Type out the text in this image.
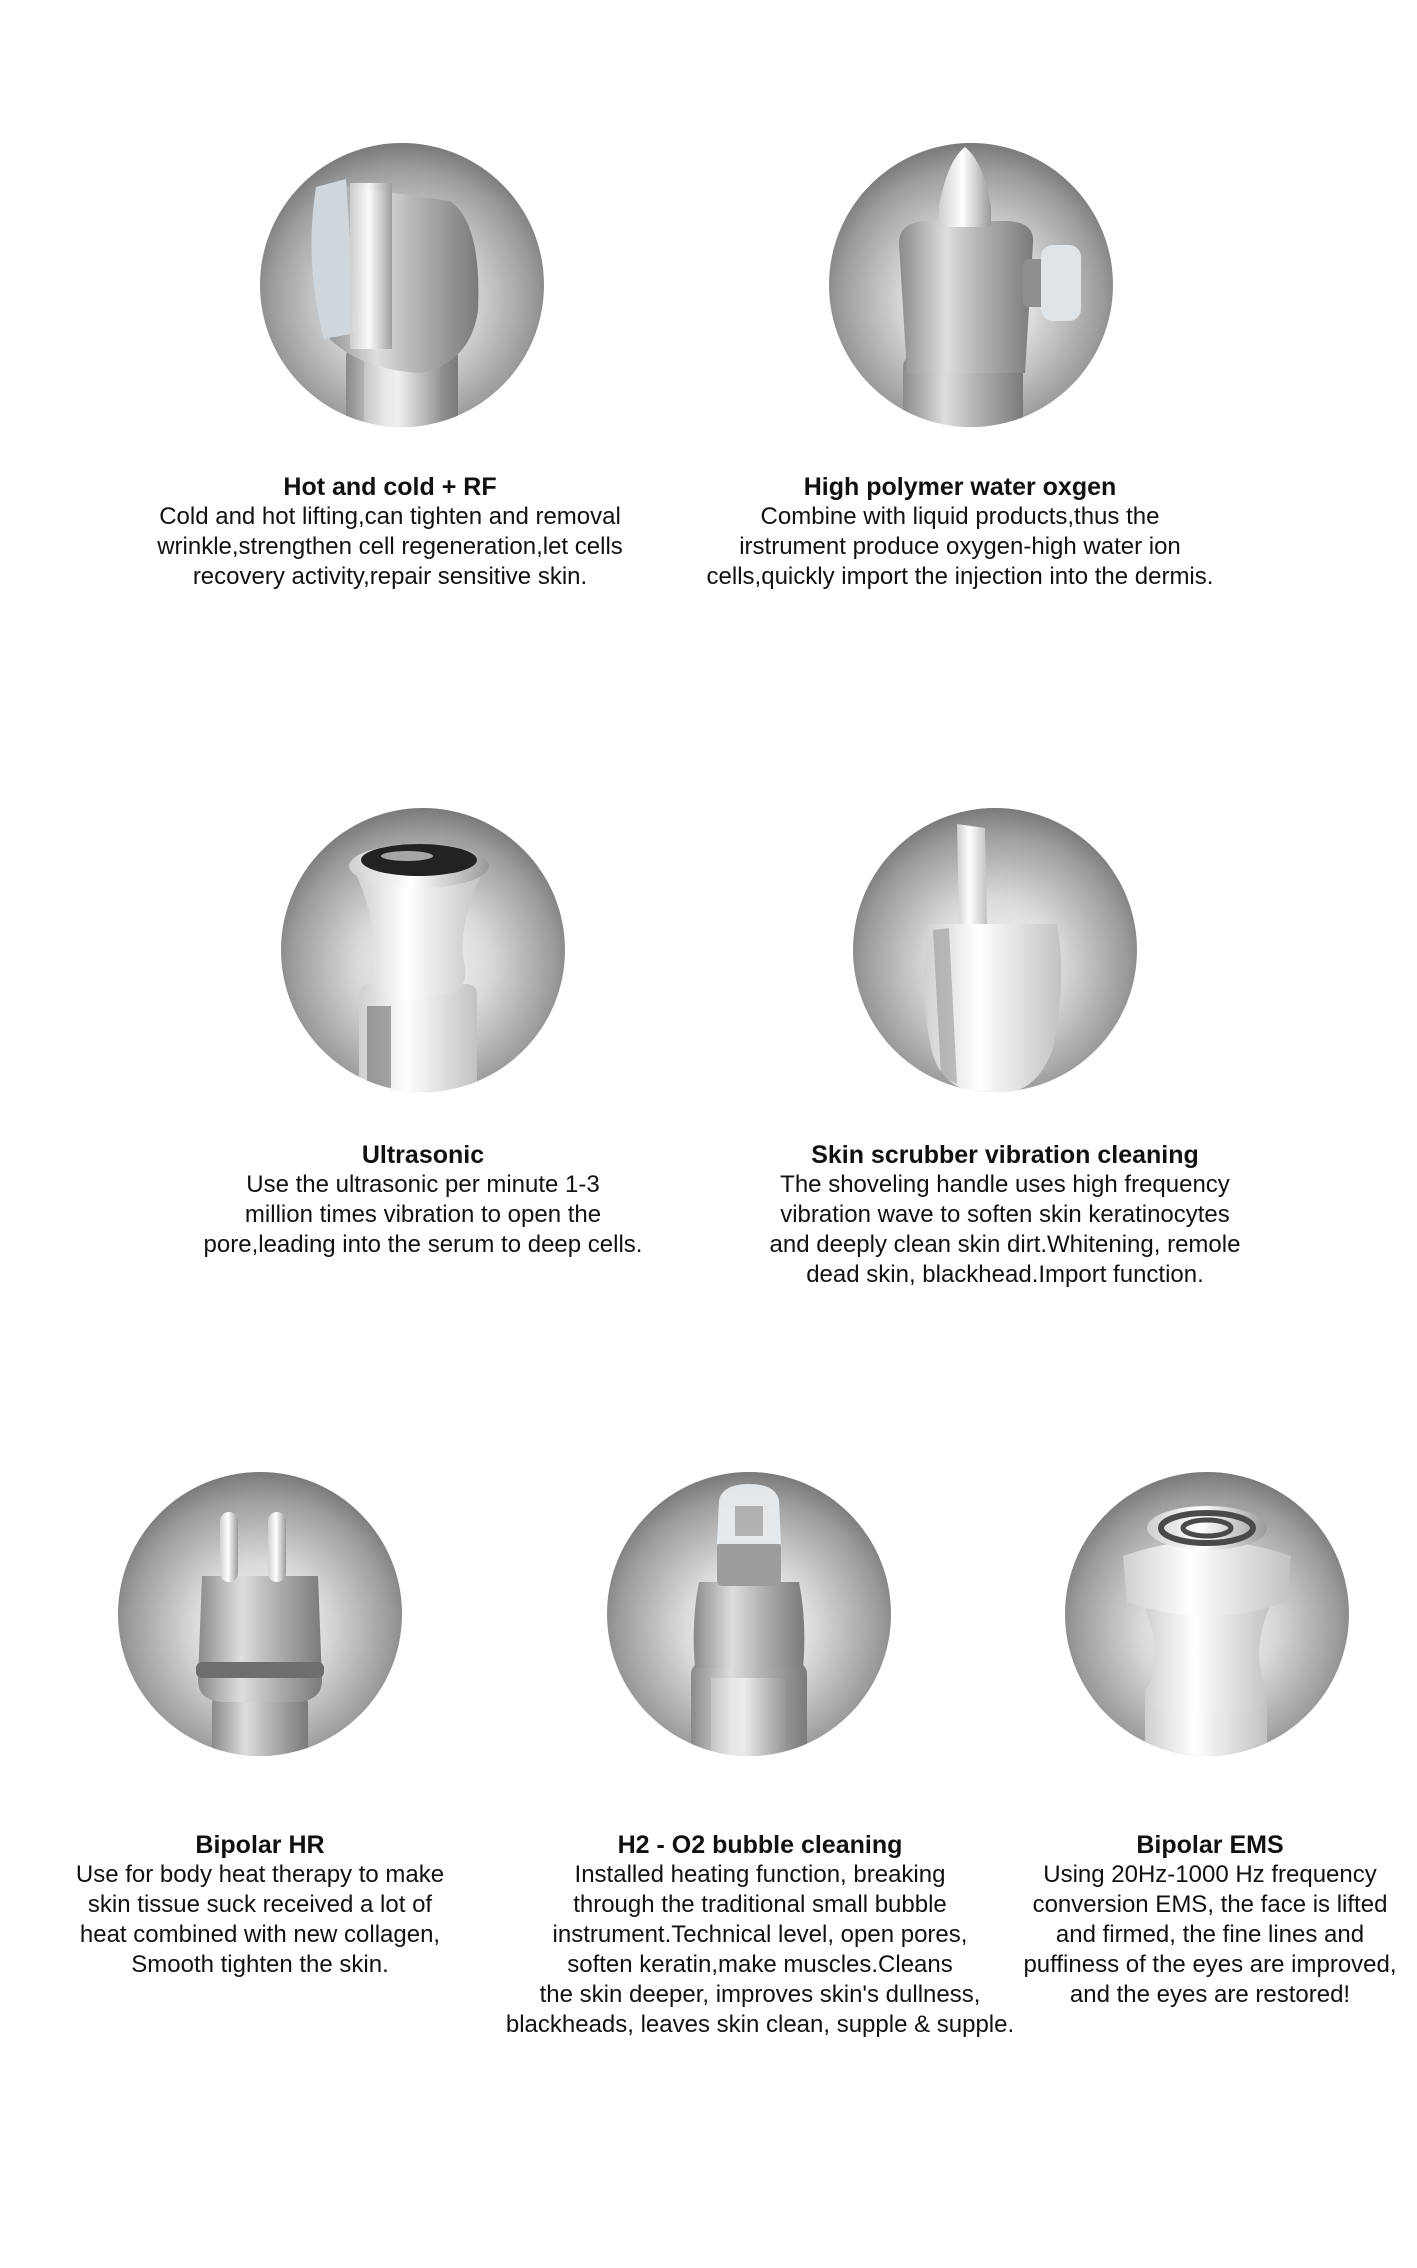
Hot and cold + RF

Cold and hot lifting,can tighten and removal
wrinkle,strengthen cell regeneration,let cells
recovery activity,repair sensitive skin.

High polymer water oxgen

Combine with liquid products,thus the
irstrument produce oxygen-high water ion
cells,quickly import the injection into the dermis.

Ultrasonic

Use the ultrasonic per minute 1-3
million times vibration to open the
pore,leading into the serum to deep cells.

Skin scrubber vibration cleaning

The shoveling handle uses high frequency
vibration wave to soften skin keratinocytes
and deeply clean skin dirt.Whitening, remole
dead skin, blackhead.Import function.

Bipolar HR

Use for body heat therapy to make
skin tissue suck received a lot of
heat combined with new collagen,
Smooth tighten the skin.

H2 - O2 bubble cleaning

Installed heating function, breaking
through the traditional small bubble
instrument.Technical level, open pores,
soften keratin,make muscles.Cleans
the skin deeper, improves skin's dullness,
blackheads, leaves skin clean, supple & supple.

Bipolar EMS

Using 20Hz-1000 Hz frequency
conversion EMS, the face is lifted
and firmed, the fine lines and
puffiness of the eyes are improved,
and the eyes are restored!
